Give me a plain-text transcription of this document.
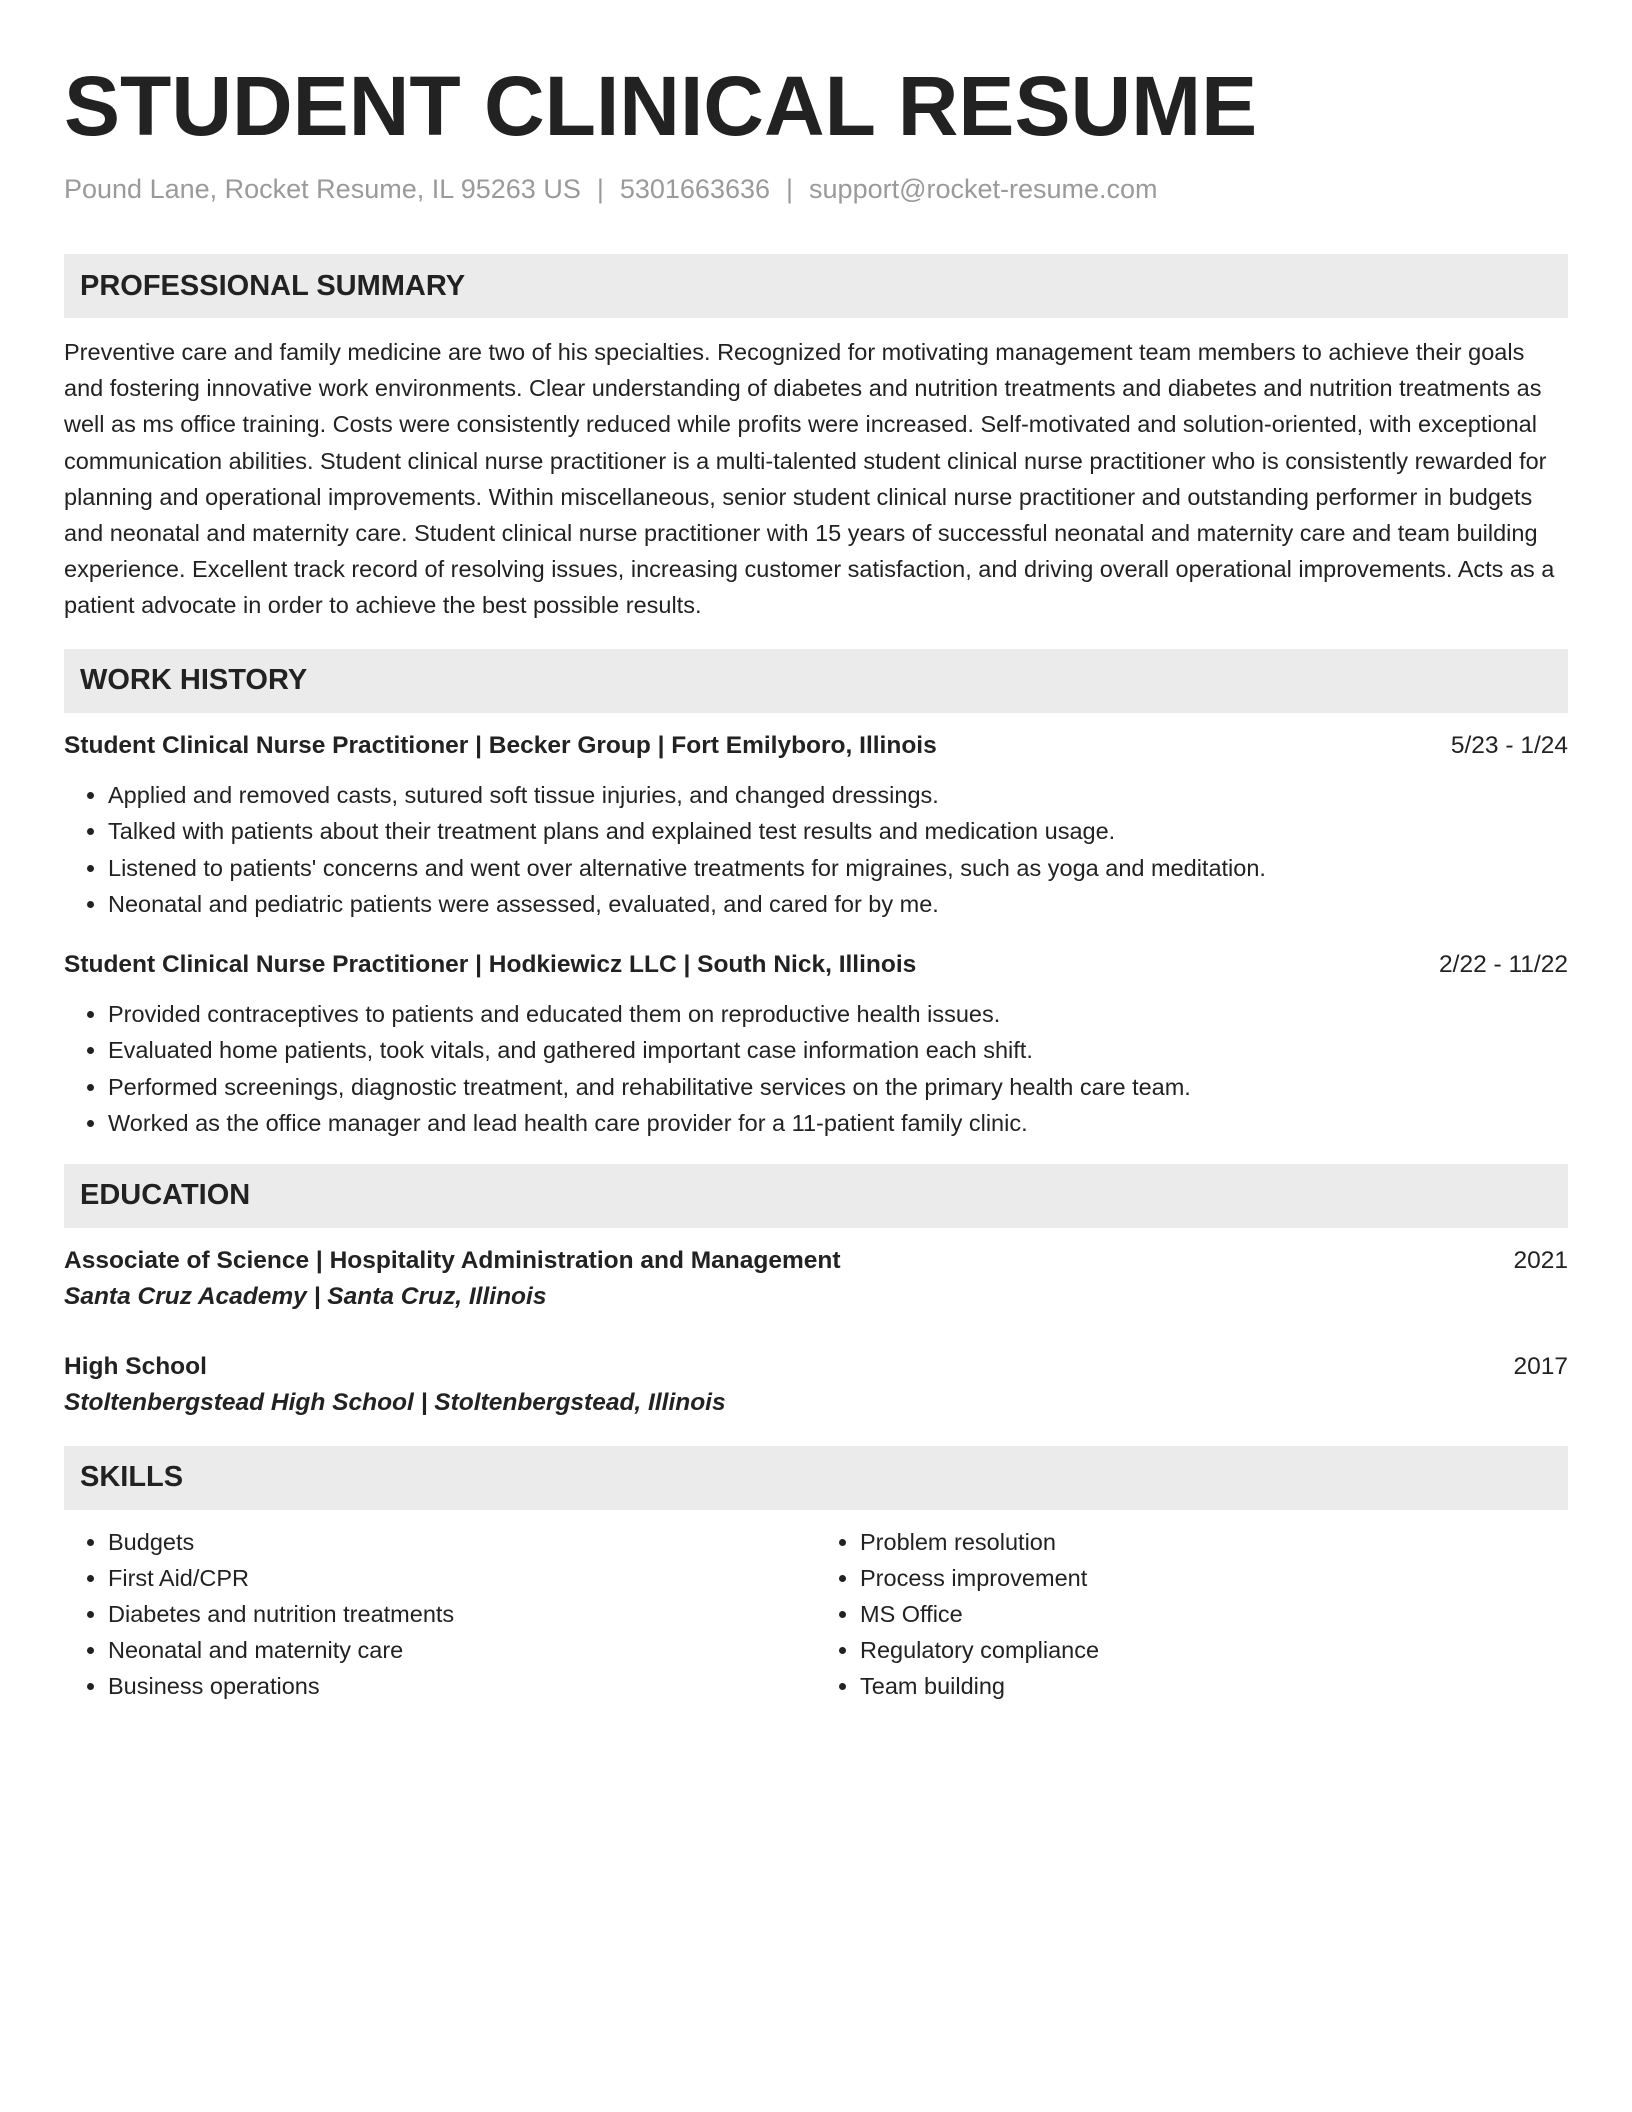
STUDENT CLINICAL RESUME
Pound Lane, Rocket Resume, IL 95263 US | 5301663636 | support@rocket-resume.com
PROFESSIONAL SUMMARY
Preventive care and family medicine are two of his specialties. Recognized for motivating management team members to achieve their goals and fostering innovative work environments. Clear understanding of diabetes and nutrition treatments and diabetes and nutrition treatments as well as ms office training. Costs were consistently reduced while profits were increased. Self-motivated and solution-oriented, with exceptional communication abilities. Student clinical nurse practitioner is a multi-talented student clinical nurse practitioner who is consistently rewarded for planning and operational improvements. Within miscellaneous, senior student clinical nurse practitioner and outstanding performer in budgets and neonatal and maternity care. Student clinical nurse practitioner with 15 years of successful neonatal and maternity care and team building experience. Excellent track record of resolving issues, increasing customer satisfaction, and driving overall operational improvements. Acts as a patient advocate in order to achieve the best possible results.
WORK HISTORY
Student Clinical Nurse Practitioner | Becker Group | Fort Emilyboro, Illinois	5/23 - 1/24
• Applied and removed casts, sutured soft tissue injuries, and changed dressings.
• Talked with patients about their treatment plans and explained test results and medication usage.
• Listened to patients' concerns and went over alternative treatments for migraines, such as yoga and meditation.
• Neonatal and pediatric patients were assessed, evaluated, and cared for by me.
Student Clinical Nurse Practitioner | Hodkiewicz LLC | South Nick, Illinois	2/22 - 11/22
• Provided contraceptives to patients and educated them on reproductive health issues.
• Evaluated home patients, took vitals, and gathered important case information each shift.
• Performed screenings, diagnostic treatment, and rehabilitative services on the primary health care team.
• Worked as the office manager and lead health care provider for a 11-patient family clinic.
EDUCATION
Associate of Science | Hospitality Administration and Management	2021
Santa Cruz Academy | Santa Cruz, Illinois
High School	2017
Stoltenbergstead High School | Stoltenbergstead, Illinois
SKILLS
• Budgets
• First Aid/CPR
• Diabetes and nutrition treatments
• Neonatal and maternity care
• Business operations
• Problem resolution
• Process improvement
• MS Office
• Regulatory compliance
• Team building
